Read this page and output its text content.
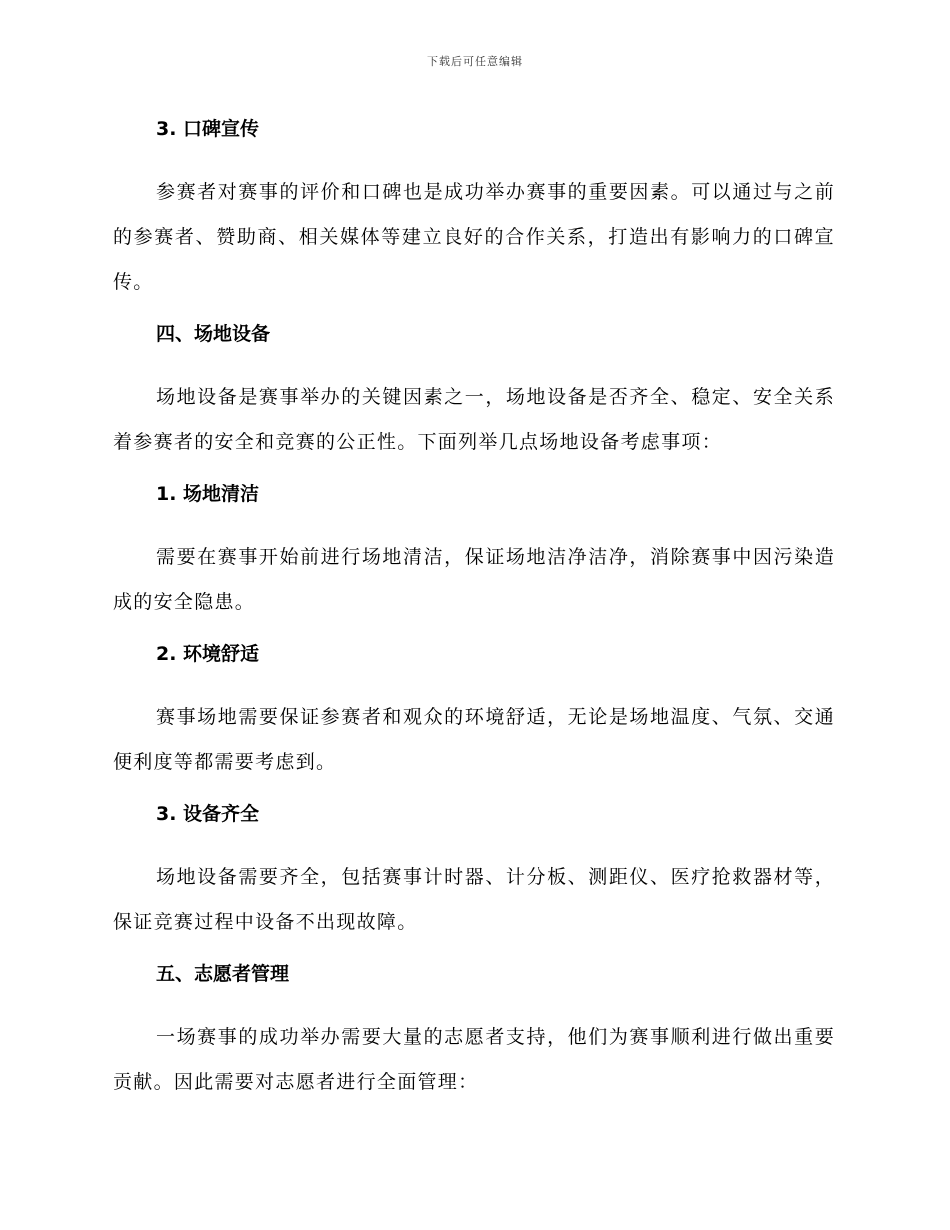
下载后可任意编辑
3. 口碑宣传

参赛者对赛事的评价和口碑也是成功举办赛事的重要因素。可以通过与之前的参赛者、赞助商、相关媒体等建立良好的合作关系，打造出有影响力的口碑宣传。

四、场地设备

场地设备是赛事举办的关键因素之一，场地设备是否齐全、稳定、安全关系着参赛者的安全和竞赛的公正性。下面列举几点场地设备考虑事项：

1. 场地清洁

需要在赛事开始前进行场地清洁，保证场地洁净洁净，消除赛事中因污染造成的安全隐患。

2. 环境舒适

赛事场地需要保证参赛者和观众的环境舒适，无论是场地温度、气氛、交通便利度等都需要考虑到。

3. 设备齐全

场地设备需要齐全，包括赛事计时器、计分板、测距仪、医疗抢救器材等，保证竞赛过程中设备不出现故障。

五、志愿者管理

一场赛事的成功举办需要大量的志愿者支持，他们为赛事顺利进行做出重要贡献。因此需要对志愿者进行全面管理：
